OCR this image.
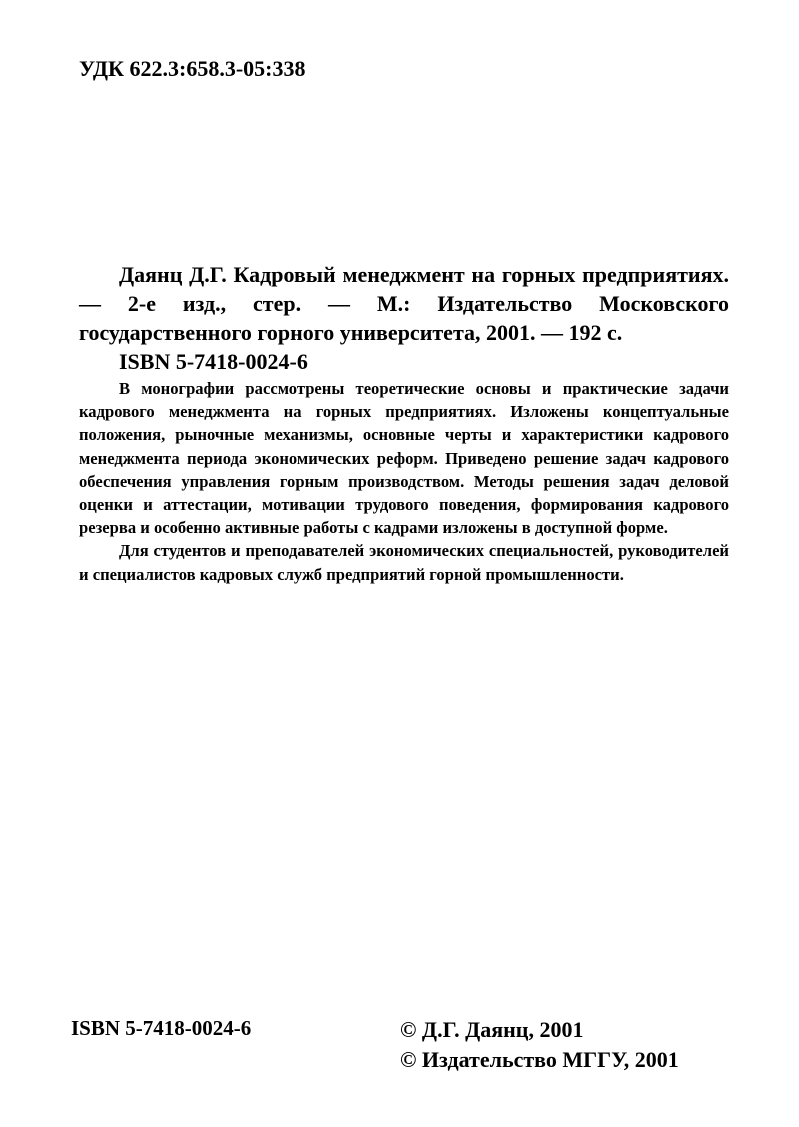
УДК 622.3:658.3-05:338

Даянц Д.Г. Кадровый менеджмент на горных предприятиях. — 2-е изд., стер. — М.: Издательство Московского государственного горного университета, 2001. — 192 с.

ISBN 5-7418-0024-6

В монографии рассмотрены теоретические основы и практические задачи кадрового менеджмента на горных предприятиях. Изложены концептуальные положения, рыночные механизмы, основные черты и характеристики кадрового менеджмента периода экономических реформ. Приведено решение задач кадрового обеспечения управления горным производством. Методы решения задач деловой оценки и аттестации, мотивации трудового поведения, формирования кадрового резерва и особенно активные работы с кадрами изложены в доступной форме.

Для студентов и преподавателей экономических специальностей, руководителей и специалистов кадровых служб предприятий горной промышленности.

ISBN 5-7418-0024-6	© Д.Г. Даянц, 2001
© Издательство МГГУ, 2001
